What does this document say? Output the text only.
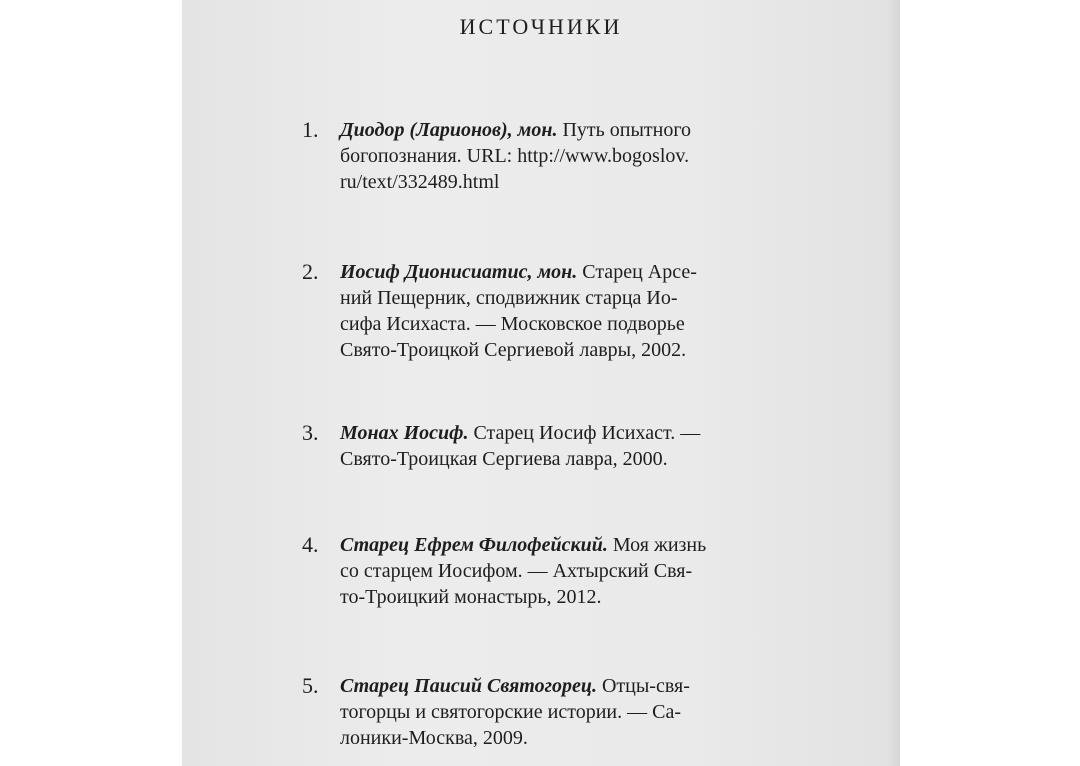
ИСТОЧНИКИ
1. Диодор (Ларионов), мон. Путь опытного
богопознания. URL: http://www.bogoslov.
ru/text/332489.html
2. Иосиф Дионисиатис, мон. Старец Арсе-
ний Пещерник, сподвижник старца Ио-
сифа Исихаста. — Московское подворье
Свято-Троицкой Сергиевой лавры, 2002.
3. Монах Иосиф. Старец Иосиф Исихаст. —
Свято-Троицкая Сергиева лавра, 2000.
4. Старец Ефрем Филофейский. Моя жизнь
со старцем Иосифом. — Ахтырский Свя-
то-Троицкий монастырь, 2012.
5. Старец Паисий Святогорец. Отцы-свя-
тогорцы и святогорские истории. — Са-
лоники-Москва, 2009.
